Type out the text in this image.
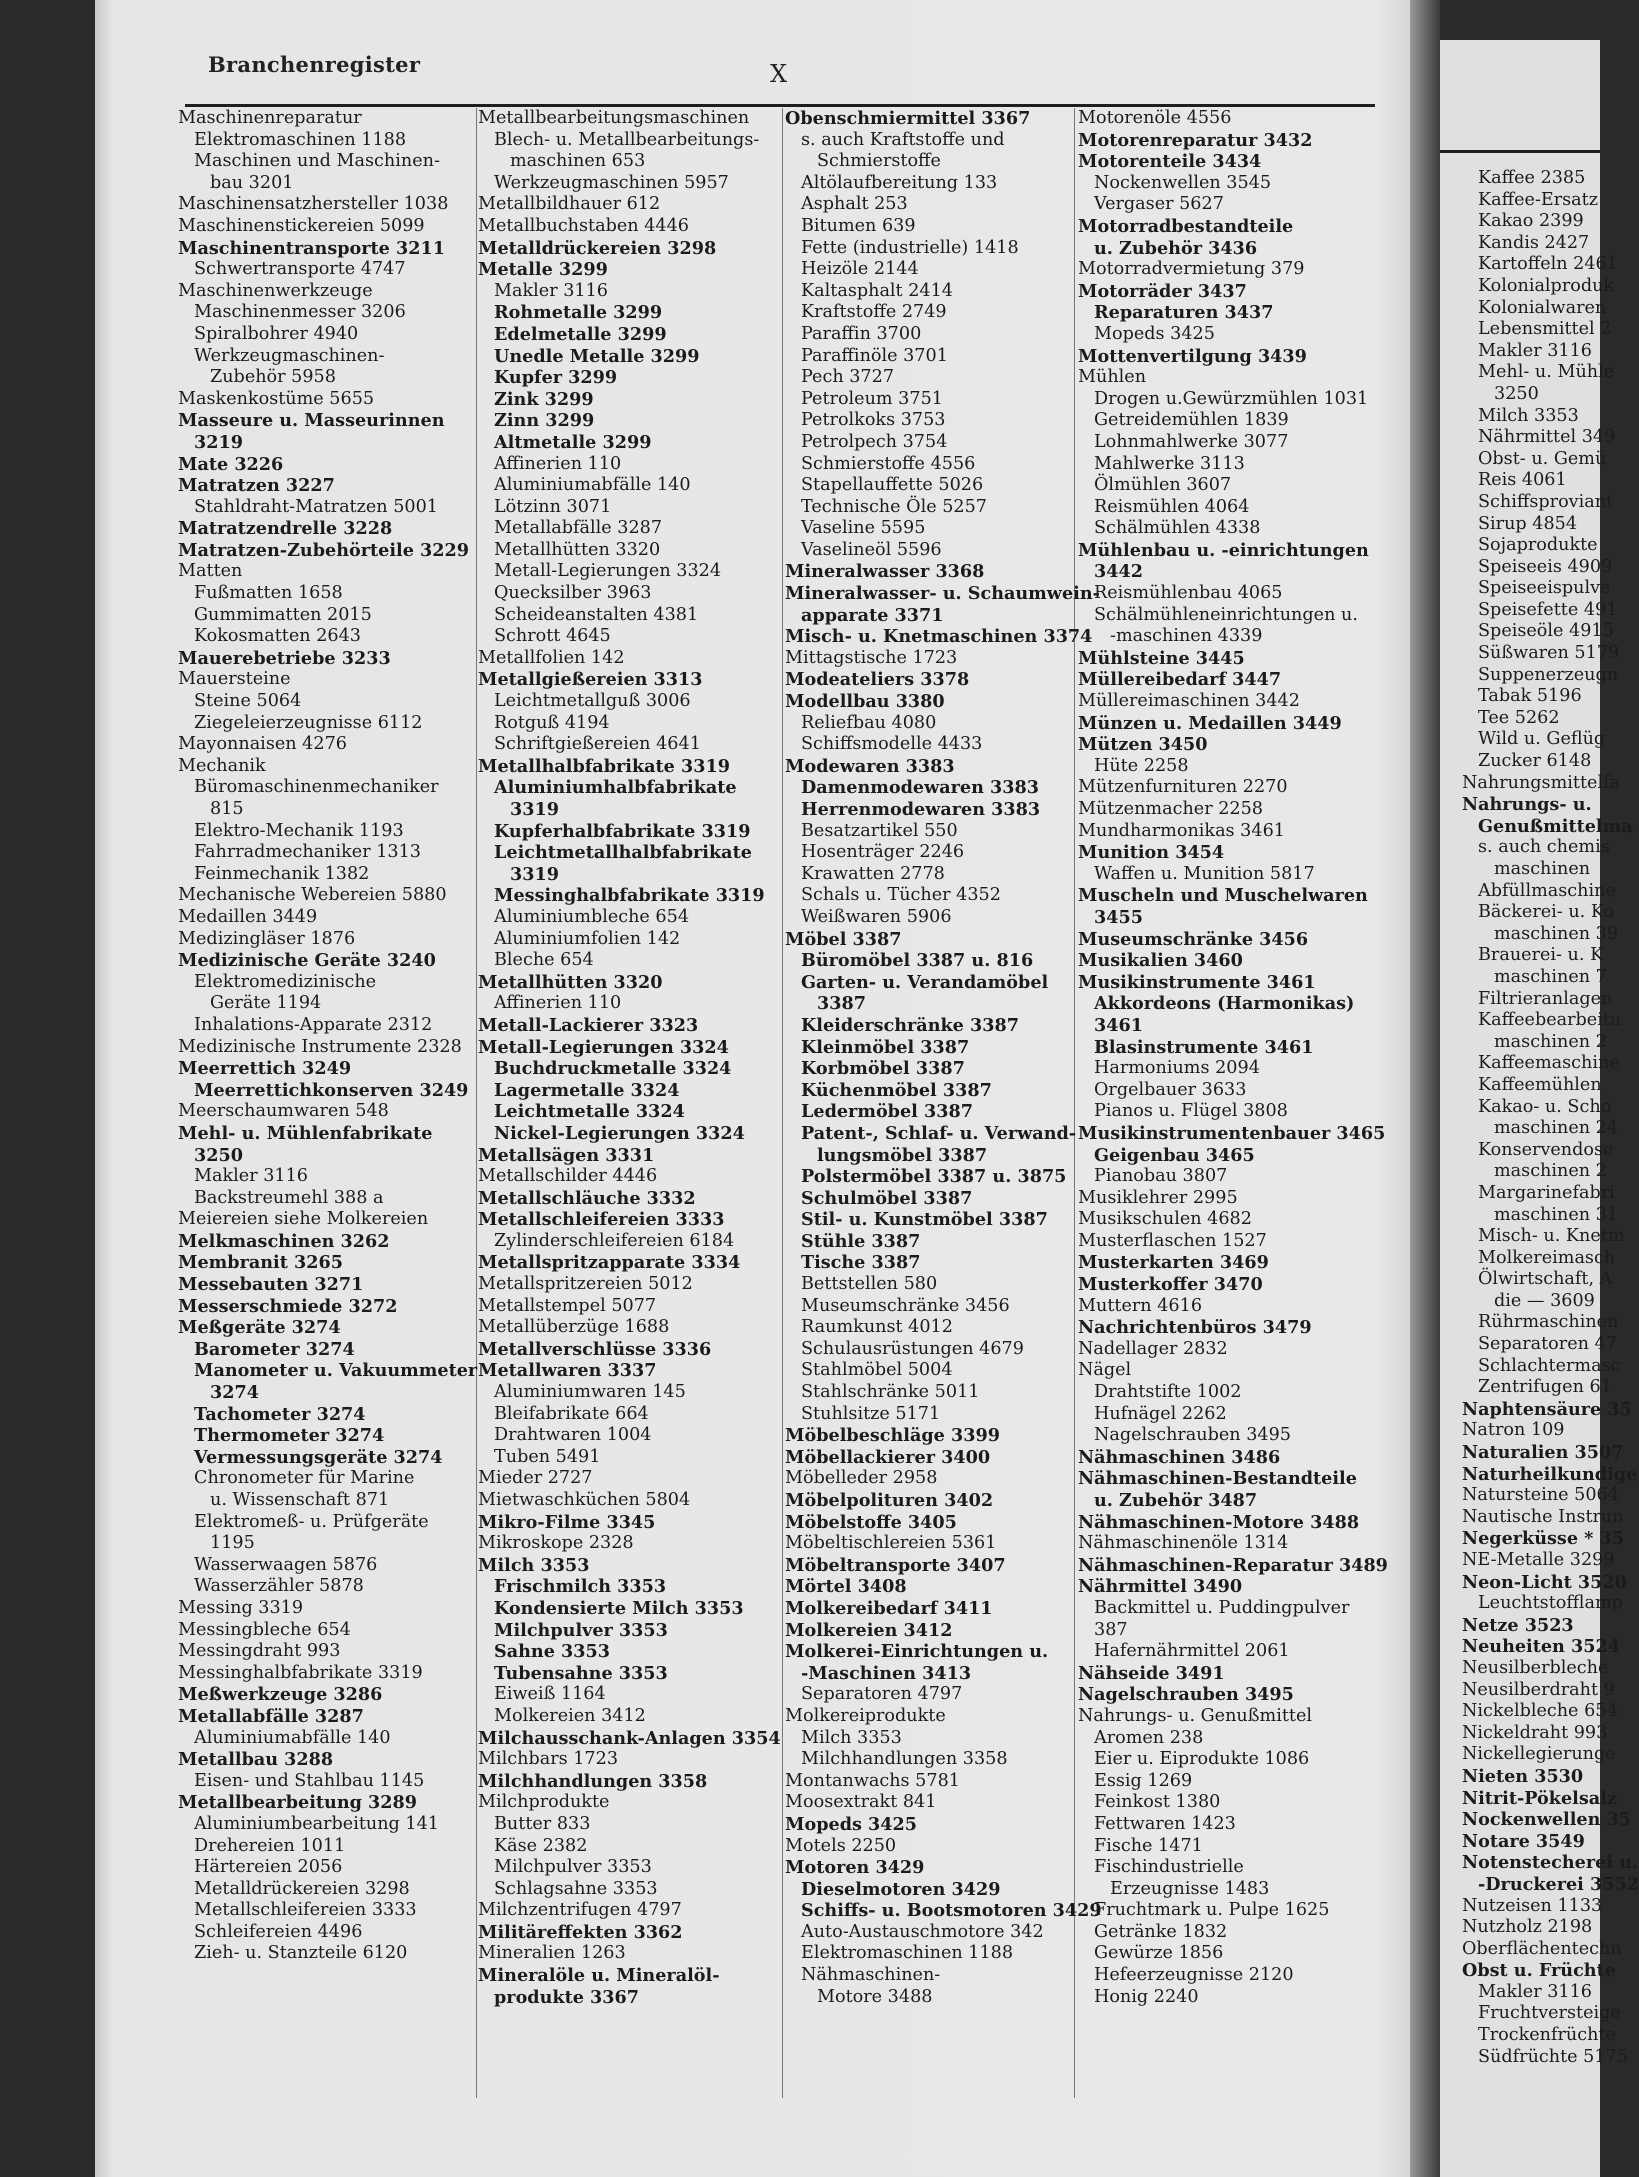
Kaffee 2385
Kaffee-Ersatz
Kakao 2399
Kandis 2427
Kartoffeln 2461
Kolonialproduk
Kolonialwaren
Lebensmittel 2
Makler 3116
Mehl- u. Mühle
3250
Milch 3353
Nährmittel 349
Obst- u. Gemü
Reis 4061
Schiffsproviant
Sirup 4854
Sojaprodukte
Speiseeis 4909
Speiseeispulve
Speisefette 491
Speiseöle 4915
Süßwaren 5179
Suppenerzeugn
Tabak 5196
Tee 5262
Wild u. Geflüg
Zucker 6148
Nahrungsmittelfa
Nahrungs- u.
Genußmittelma
s. auch chemis
maschinen
Abfüllmaschine
Bäckerei- u. Ko
maschinen 39
Brauerei- u. K
maschinen 7
Filtrieranlagen
Kaffeebearbeitu
maschinen 2
Kaffeemaschine
Kaffeemühlen
Kakao- u. Scho
maschinen 24
Konservendose
maschinen 2
Margarinefabri
maschinen 31
Misch- u. Knetm
Molkereimasch
Ölwirtschaft, A
die — 3609
Rührmaschinen
Separatoren 47
Schlachtermasc
Zentrifugen 61
Naphtensäure 35
Natron 109
Naturalien 3507
Naturheilkundige
Natursteine 5064
Nautische Instrun
Negerküsse * 35
NE-Metalle 3299
Neon-Licht 3520
Leuchtstofflamp
Netze 3523
Neuheiten 3524
Neusilberbleche
Neusilberdraht 9
Nickelbleche 654
Nickeldraht 993
Nickellegierunge
Nieten 3530
Nitrit-Pökelsalz
Nockenwellen 35
Notare 3549
Notenstecherei u.
-Druckerei 3552
Nutzeisen 1133
Nutzholz 2198
Oberflächentechn
Obst u. Früchte
Makler 3116
Fruchtversteige
Trockenfrüchte
Südfrüchte 5175
Branchenregister	X
Maschinenreparatur
Elektromaschinen 1188
Maschinen und Maschinen-
bau 3201
Maschinensatzhersteller 1038
Maschinenstickereien 5099
Maschinentransporte 3211
Schwertransporte 4747
Maschinenwerkzeuge
Maschinenmesser 3206
Spiralbohrer 4940
Werkzeugmaschinen-
Zubehör 5958
Maskenkostüme 5655
Masseure u. Masseurinnen
3219
Mate 3226
Matratzen 3227
Stahldraht-Matratzen 5001
Matratzendrelle 3228
Matratzen-Zubehörteile 3229
Matten
Fußmatten 1658
Gummimatten 2015
Kokosmatten 2643
Mauerebetriebe 3233
Mauersteine
Steine 5064
Ziegeleierzeugnisse 6112
Mayonnaisen 4276
Mechanik
Büromaschinenmechaniker
815
Elektro-Mechanik 1193
Fahrradmechaniker 1313
Feinmechanik 1382
Mechanische Webereien 5880
Medaillen 3449
Medizingläser 1876
Medizinische Geräte 3240
Elektromedizinische
Geräte 1194
Inhalations-Apparate 2312
Medizinische Instrumente 2328
Meerrettich 3249
Meerrettichkonserven 3249
Meerschaumwaren 548
Mehl- u. Mühlenfabrikate
3250
Makler 3116
Backstreumehl 388 a
Meiereien siehe Molkereien
Melkmaschinen 3262
Membranit 3265
Messebauten 3271
Messerschmiede 3272
Meßgeräte 3274
Barometer 3274
Manometer u. Vakuummeter
3274
Tachometer 3274
Thermometer 3274
Vermessungsgeräte 3274
Chronometer für Marine
u. Wissenschaft 871
Elektromeß- u. Prüfgeräte
1195
Wasserwaagen 5876
Wasserzähler 5878
Messing 3319
Messingbleche 654
Messingdraht 993
Messinghalbfabrikate 3319
Meßwerkzeuge 3286
Metallabfälle 3287
Aluminiumabfälle 140
Metallbau 3288
Eisen- und Stahlbau 1145
Metallbearbeitung 3289
Aluminiumbearbeitung 141
Drehereien 1011
Härtereien 2056
Metalldrückereien 3298
Metallschleifereien 3333
Schleifereien 4496
Zieh- u. Stanzteile 6120
Metallbearbeitungsmaschinen
Blech- u. Metallbearbeitungs-
maschinen 653
Werkzeugmaschinen 5957
Metallbildhauer 612
Metallbuchstaben 4446
Metalldrückereien 3298
Metalle 3299
Makler 3116
Rohmetalle 3299
Edelmetalle 3299
Unedle Metalle 3299
Kupfer 3299
Zink 3299
Zinn 3299
Altmetalle 3299
Affinerien 110
Aluminiumabfälle 140
Lötzinn 3071
Metallabfälle 3287
Metallhütten 3320
Metall-Legierungen 3324
Quecksilber 3963
Scheideanstalten 4381
Schrott 4645
Metallfolien 142
Metallgießereien 3313
Leichtmetallguß 3006
Rotguß 4194
Schriftgießereien 4641
Metallhalbfabrikate 3319
Aluminiumhalbfabrikate
3319
Kupferhalbfabrikate 3319
Leichtmetallhalbfabrikate
3319
Messinghalbfabrikate 3319
Aluminiumbleche 654
Aluminiumfolien 142
Bleche 654
Metallhütten 3320
Affinerien 110
Metall-Lackierer 3323
Metall-Legierungen 3324
Buchdruckmetalle 3324
Lagermetalle 3324
Leichtmetalle 3324
Nickel-Legierungen 3324
Metallsägen 3331
Metallschilder 4446
Metallschläuche 3332
Metallschleifereien 3333
Zylinderschleifereien 6184
Metallspritzapparate 3334
Metallspritzereien 5012
Metallstempel 5077
Metallüberzüge 1688
Metallverschlüsse 3336
Metallwaren 3337
Aluminiumwaren 145
Bleifabrikate 664
Drahtwaren 1004
Tuben 5491
Mieder 2727
Mietwaschküchen 5804
Mikro-Filme 3345
Mikroskope 2328
Milch 3353
Frischmilch 3353
Kondensierte Milch 3353
Milchpulver 3353
Sahne 3353
Tubensahne 3353
Eiweiß 1164
Molkereien 3412
Milchausschank-Anlagen 3354
Milchbars 1723
Milchhandlungen 3358
Milchprodukte
Butter 833
Käse 2382
Milchpulver 3353
Schlagsahne 3353
Milchzentrifugen 4797
Militäreffekten 3362
Mineralien 1263
Mineralöle u. Mineralöl-
produkte 3367
Obenschmiermittel 3367
s. auch Kraftstoffe und
Schmierstoffe
Altölaufbereitung 133
Asphalt 253
Bitumen 639
Fette (industrielle) 1418
Heizöle 2144
Kaltasphalt 2414
Kraftstoffe 2749
Paraffin 3700
Paraffinöle 3701
Pech 3727
Petroleum 3751
Petrolkoks 3753
Petrolpech 3754
Schmierstoffe 4556
Stapellauffette 5026
Technische Öle 5257
Vaseline 5595
Vaselineöl 5596
Mineralwasser 3368
Mineralwasser- u. Schaumwein-
apparate 3371
Misch- u. Knetmaschinen 3374
Mittagstische 1723
Modeateliers 3378
Modellbau 3380
Reliefbau 4080
Schiffsmodelle 4433
Modewaren 3383
Damenmodewaren 3383
Herrenmodewaren 3383
Besatzartikel 550
Hosenträger 2246
Krawatten 2778
Schals u. Tücher 4352
Weißwaren 5906
Möbel 3387
Büromöbel 3387 u. 816
Garten- u. Verandamöbel
3387
Kleiderschränke 3387
Kleinmöbel 3387
Korbmöbel 3387
Küchenmöbel 3387
Ledermöbel 3387
Patent-, Schlaf- u. Verwand-
lungsmöbel 3387
Polstermöbel 3387 u. 3875
Schulmöbel 3387
Stil- u. Kunstmöbel 3387
Stühle 3387
Tische 3387
Bettstellen 580
Museumschränke 3456
Raumkunst 4012
Schulausrüstungen 4679
Stahlmöbel 5004
Stahlschränke 5011
Stuhlsitze 5171
Möbelbeschläge 3399
Möbellackierer 3400
Möbelleder 2958
Möbelpolituren 3402
Möbelstoffe 3405
Möbeltischlereien 5361
Möbeltransporte 3407
Mörtel 3408
Molkereibedarf 3411
Molkereien 3412
Molkerei-Einrichtungen u.
-Maschinen 3413
Separatoren 4797
Molkereiprodukte
Milch 3353
Milchhandlungen 3358
Montanwachs 5781
Moosextrakt 841
Mopeds 3425
Motels 2250
Motoren 3429
Dieselmotoren 3429
Schiffs- u. Bootsmotoren 3429
Auto-Austauschmotore 342
Elektromaschinen 1188
Nähmaschinen-
Motore 3488
Motorenöle 4556
Motorenreparatur 3432
Motorenteile 3434
Nockenwellen 3545
Vergaser 5627
Motorradbestandteile
u. Zubehör 3436
Motorradvermietung 379
Motorräder 3437
Reparaturen 3437
Mopeds 3425
Mottenvertilgung 3439
Mühlen
Drogen u.Gewürzmühlen 1031
Getreidemühlen 1839
Lohnmahlwerke 3077
Mahlwerke 3113
Ölmühlen 3607
Reismühlen 4064
Schälmühlen 4338
Mühlenbau u. -einrichtungen
3442
Reismühlenbau 4065
Schälmühleneinrichtungen u.
-maschinen 4339
Mühlsteine 3445
Müllereibedarf 3447
Müllereimaschinen 3442
Münzen u. Medaillen 3449
Mützen 3450
Hüte 2258
Mützenfurnituren 2270
Mützenmacher 2258
Mundharmonikas 3461
Munition 3454
Waffen u. Munition 5817
Muscheln und Muschelwaren
3455
Museumschränke 3456
Musikalien 3460
Musikinstrumente 3461
Akkordeons (Harmonikas)
3461
Blasinstrumente 3461
Harmoniums 2094
Orgelbauer 3633
Pianos u. Flügel 3808
Musikinstrumentenbauer 3465
Geigenbau 3465
Pianobau 3807
Musiklehrer 2995
Musikschulen 4682
Musterflaschen 1527
Musterkarten 3469
Musterkoffer 3470
Muttern 4616
Nachrichtenbüros 3479
Nadellager 2832
Nägel
Drahtstifte 1002
Hufnägel 2262
Nagelschrauben 3495
Nähmaschinen 3486
Nähmaschinen-Bestandteile
u. Zubehör 3487
Nähmaschinen-Motore 3488
Nähmaschinenöle 1314
Nähmaschinen-Reparatur 3489
Nährmittel 3490
Backmittel u. Puddingpulver
387
Hafernährmittel 2061
Nähseide 3491
Nagelschrauben 3495
Nahrungs- u. Genußmittel
Aromen 238
Eier u. Eiprodukte 1086
Essig 1269
Feinkost 1380
Fettwaren 1423
Fische 1471
Fischindustrielle
Erzeugnisse 1483
Fruchtmark u. Pulpe 1625
Getränke 1832
Gewürze 1856
Hefeerzeugnisse 2120
Honig 2240
